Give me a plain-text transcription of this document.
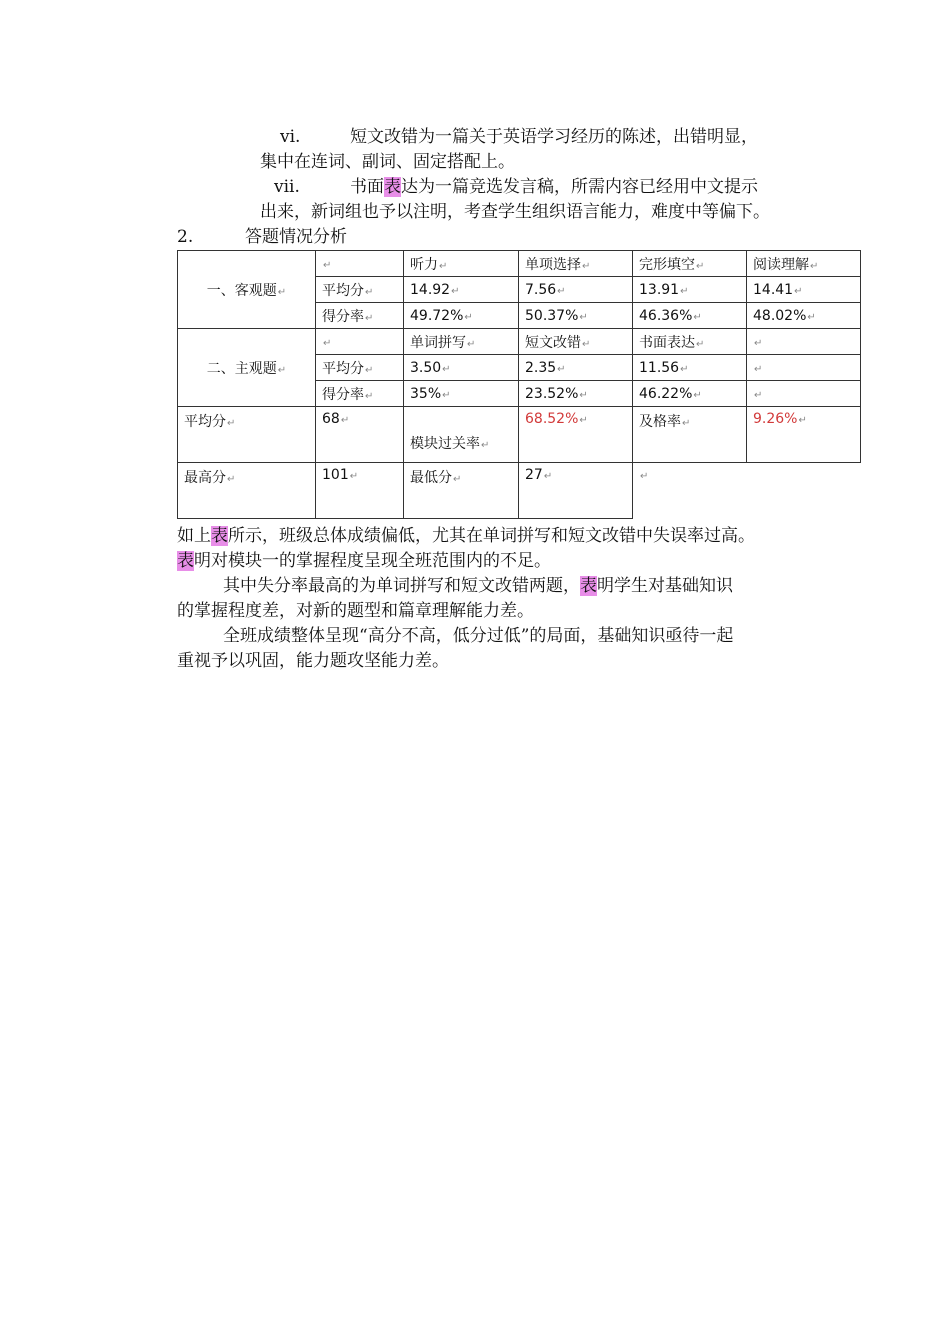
vi.	短文改错为一篇关于英语学习经历的陈述，出错明显，
集中在连词、副词、固定搭配上。
vii.	书面表达为一篇竞选发言稿，所需内容已经用中文提示
出来，新词组也予以注明，考查学生组织语言能力，难度中等偏下。
2.	答题情况分析
一、客观题↵	↵	听力↵	单项选择↵	完形填空↵	阅读理解↵
	平均分↵	14.92↵	7.56↵	13.91↵	14.41↵
	得分率↵	49.72%↵	50.37%↵	46.36%↵	48.02%↵
二、主观题↵	↵	单词拼写↵	短文改错↵	书面表达↵	↵
	平均分↵	3.50↵	2.35↵	11.56↵	↵
	得分率↵	35%↵	23.52%↵	46.22%↵	↵
平均分↵	68↵	模块过关率↵	68.52%↵	及格率↵	9.26%↵
最高分↵	101↵	最低分↵	27↵	↵	
如上表所示，班级总体成绩偏低，尤其在单词拼写和短文改错中失误率过高。
表明对模块一的掌握程度呈现全班范围内的不足。
其中失分率最高的为单词拼写和短文改错两题，表明学生对基础知识
的掌握程度差，对新的题型和篇章理解能力差。
全班成绩整体呈现“高分不高，低分过低”的局面，基础知识亟待一起
重视予以巩固，能力题攻坚能力差。
